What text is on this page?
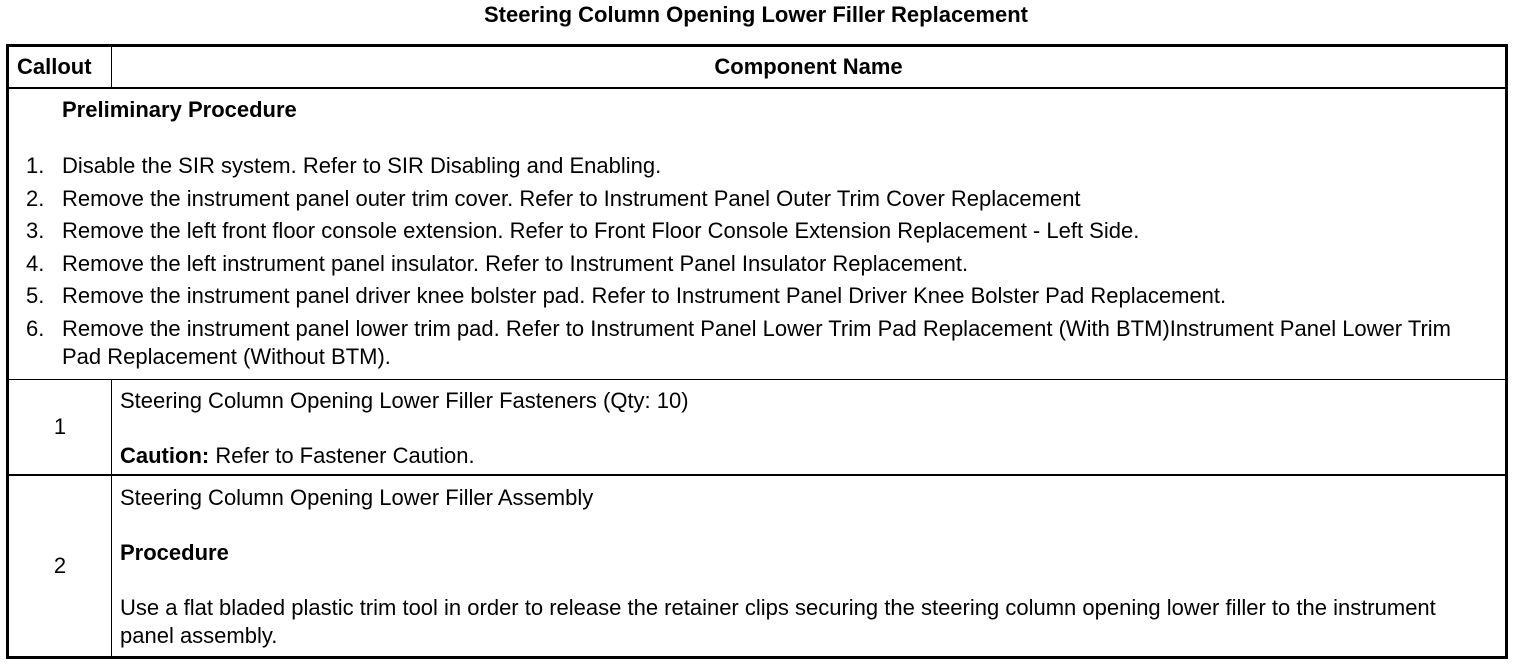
Steering Column Opening Lower Filler Replacement
Callout	Component Name
Preliminary Procedure
1. Disable the SIR system. Refer to SIR Disabling and Enabling.
2. Remove the instrument panel outer trim cover. Refer to Instrument Panel Outer Trim Cover Replacement
3. Remove the left front floor console extension. Refer to Front Floor Console Extension Replacement - Left Side.
4. Remove the left instrument panel insulator. Refer to Instrument Panel Insulator Replacement.
5. Remove the instrument panel driver knee bolster pad. Refer to Instrument Panel Driver Knee Bolster Pad Replacement.
6. Remove the instrument panel lower trim pad. Refer to Instrument Panel Lower Trim Pad Replacement (With BTM)Instrument Panel Lower Trim Pad Replacement (Without BTM).
1
Steering Column Opening Lower Filler Fasteners (Qty: 10)
Caution: Refer to Fastener Caution.
2
Steering Column Opening Lower Filler Assembly
Procedure
Use a flat bladed plastic trim tool in order to release the retainer clips securing the steering column opening lower filler to the instrument panel assembly.
